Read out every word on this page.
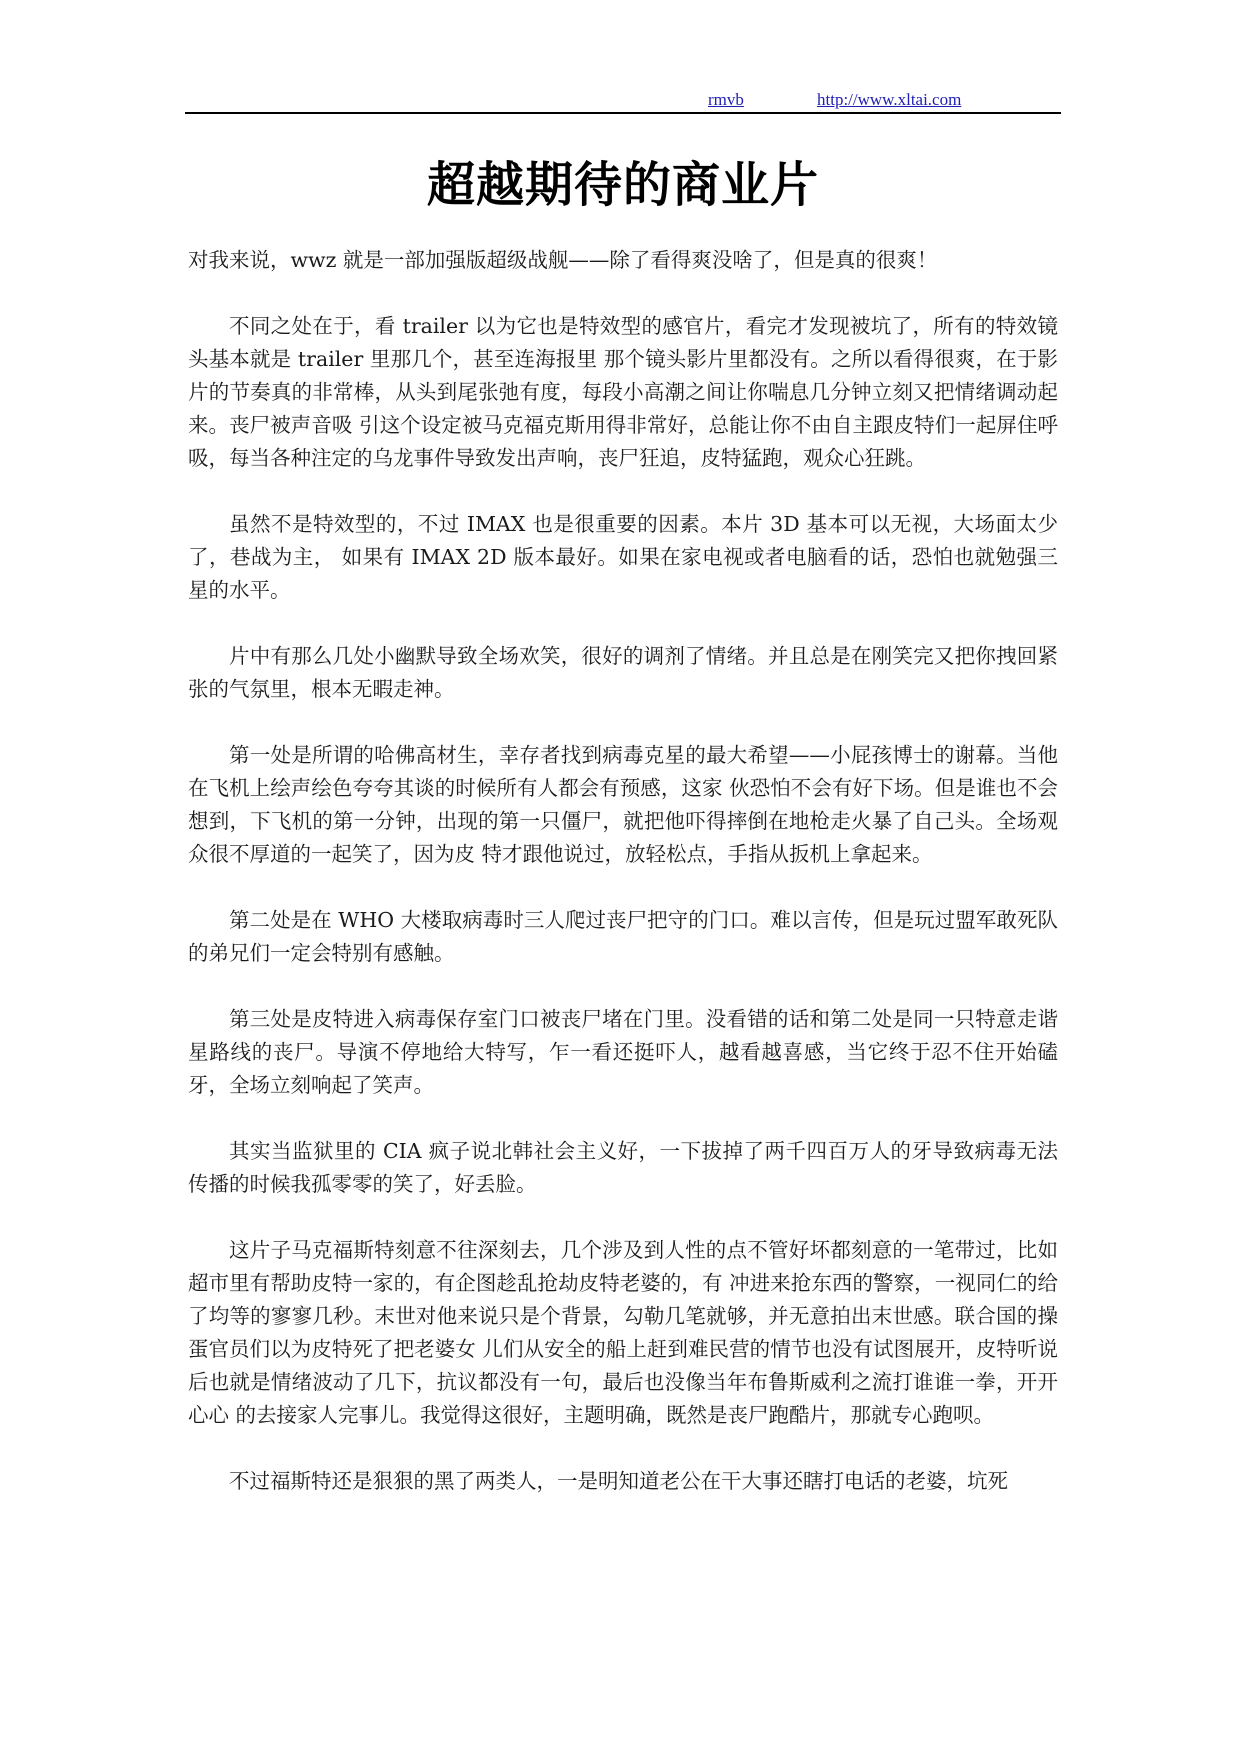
rmvb	http://www.xltai.com
超越期待的商业片

对我来说，wwz 就是一部加强版超级战舰——除了看得爽没啥了，但是真的很爽！

不同之处在于，看 trailer 以为它也是特效型的感官片，看完才发现被坑了，所有的特效镜头基本就是 trailer 里那几个，甚至连海报里 那个镜头影片里都没有。之所以看得很爽，在于影片的节奏真的非常棒，从头到尾张弛有度，每段小高潮之间让你喘息几分钟立刻又把情绪调动起来。丧尸被声音吸 引这个设定被马克福克斯用得非常好，总能让你不由自主跟皮特们一起屏住呼吸，每当各种注定的乌龙事件导致发出声响，丧尸狂追，皮特猛跑，观众心狂跳。

虽然不是特效型的，不过 IMAX 也是很重要的因素。本片 3D 基本可以无视，大场面太少了，巷战为主， 如果有 IMAX 2D 版本最好。如果在家电视或者电脑看的话，恐怕也就勉强三星的水平。

片中有那么几处小幽默导致全场欢笑，很好的调剂了情绪。并且总是在刚笑完又把你拽回紧张的气氛里，根本无暇走神。

第一处是所谓的哈佛高材生，幸存者找到病毒克星的最大希望——小屁孩博士的谢幕。当他在飞机上绘声绘色夸夸其谈的时候所有人都会有预感，这家 伙恐怕不会有好下场。但是谁也不会想到，下飞机的第一分钟，出现的第一只僵尸，就把他吓得摔倒在地枪走火暴了自己头。全场观众很不厚道的一起笑了，因为皮 特才跟他说过，放轻松点，手指从扳机上拿起来。

第二处是在 WHO 大楼取病毒时三人爬过丧尸把守的门口。难以言传，但是玩过盟军敢死队的弟兄们一定会特别有感触。

第三处是皮特进入病毒保存室门口被丧尸堵在门里。没看错的话和第二处是同一只特意走谐星路线的丧尸。导演不停地给大特写，乍一看还挺吓人，越看越喜感，当它终于忍不住开始磕牙，全场立刻响起了笑声。

其实当监狱里的 CIA 疯子说北韩社会主义好，一下拔掉了两千四百万人的牙导致病毒无法传播的时候我孤零零的笑了，好丢脸。

这片子马克福斯特刻意不往深刻去，几个涉及到人性的点不管好坏都刻意的一笔带过，比如超市里有帮助皮特一家的，有企图趁乱抢劫皮特老婆的，有 冲进来抢东西的警察，一视同仁的给了均等的寥寥几秒。末世对他来说只是个背景，勾勒几笔就够，并无意拍出末世感。联合国的操蛋官员们以为皮特死了把老婆女 儿们从安全的船上赶到难民营的情节也没有试图展开，皮特听说后也就是情绪波动了几下，抗议都没有一句，最后也没像当年布鲁斯威利之流打谁谁一拳，开开心心 的去接家人完事儿。我觉得这很好，主题明确，既然是丧尸跑酷片，那就专心跑呗。

不过福斯特还是狠狠的黑了两类人，一是明知道老公在干大事还瞎打电话的老婆，坑死
